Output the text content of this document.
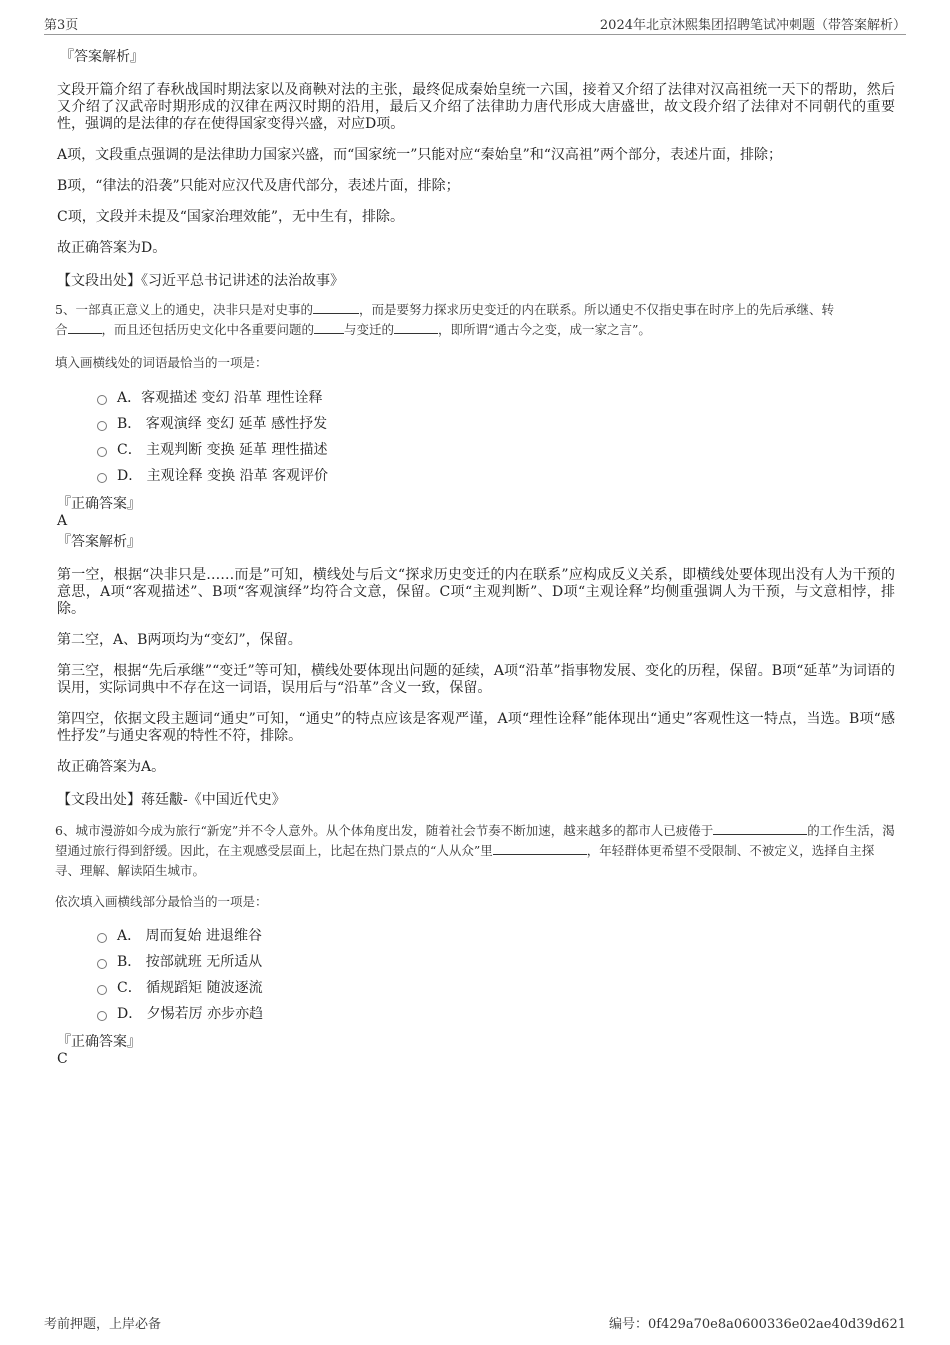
第3页	2024年北京沐熙集团招聘笔试冲刺题（带答案解析）
『答案解析』

文段开篇介绍了春秋战国时期法家以及商鞅对法的主张，最终促成秦始皇统一六国，接着又介绍了法律对汉高祖统一天下的帮助，然后又介绍了汉武帝时期形成的汉律在两汉时期的沿用，最后又介绍了法律助力唐代形成大唐盛世，故文段介绍了法律对不同朝代的重要性，强调的是法律的存在使得国家变得兴盛，对应D项。

A项，文段重点强调的是法律助力国家兴盛，而“国家统一”只能对应“秦始皇”和“汉高祖”两个部分，表述片面，排除；

B项，“律法的沿袭”只能对应汉代及唐代部分，表述片面，排除；

C项，文段并未提及“国家治理效能”，无中生有，排除。

故正确答案为D。

【文段出处】《习近平总书记讲述的法治故事》

5、一部真正意义上的通史，决非只是对史事的	，而是要努力探求历史变迁的内在联系。所以通史不仅指史事在时序上的先后承继、转
合	，而且还包括历史文化中各重要问题的 与变迁的	，即所谓“通古今之变，成一家之言”。

填入画横线处的词语最恰当的一项是：

A．客观描述 变幻 沿革 理性诠释
B． 客观演绎 变幻 延革 感性抒发
C． 主观判断 变换 延革 理性描述
D． 主观诠释 变换 沿革 客观评价
『正确答案』
A
『答案解析』

第一空，根据“决非只是……而是”可知，横线处与后文“探求历史变迁的内在联系”应构成反义关系，即横线处要体现出没有人为干预的意思，A项“客观描述”、B项“客观演绎”均符合文意，保留。C项“主观判断”、D项“主观诠释”均侧重强调人为干预，与文意相悖，排除。

第二空，A、B两项均为“变幻”，保留。

第三空，根据“先后承继”“变迁”等可知，横线处要体现出问题的延续，A项“沿革”指事物发展、变化的历程，保留。B项“延革”为词语的误用，实际词典中不存在这一词语，误用后与“沿革”含义一致，保留。

第四空，依据文段主题词“通史”可知，“通史”的特点应该是客观严谨，A项“理性诠释”能体现出“通史”客观性这一特点，当选。B项“感性抒发”与通史客观的特性不符，排除。

故正确答案为A。

【文段出处】蒋廷黻-《中国近代史》

6、城市漫游如今成为旅行“新宠”并不令人意外。从个体角度出发，随着社会节奏不断加速，越来越多的都市人已疲倦于	的工作生活，渴望通过旅行得到舒缓。因此，在主观感受层面上，比起在热门景点的“人从众”里	，年轻群体更希望不受限制、不被定义，选择自主探寻、理解、解读陌生城市。

依次填入画横线部分最恰当的一项是：

A． 周而复始 进退维谷
B． 按部就班 无所适从
C． 循规蹈矩 随波逐流
D． 夕惕若厉 亦步亦趋
『正确答案』
C
考前押题，上岸必备	编号：0f429a70e8a0600336e02ae40d39d621
